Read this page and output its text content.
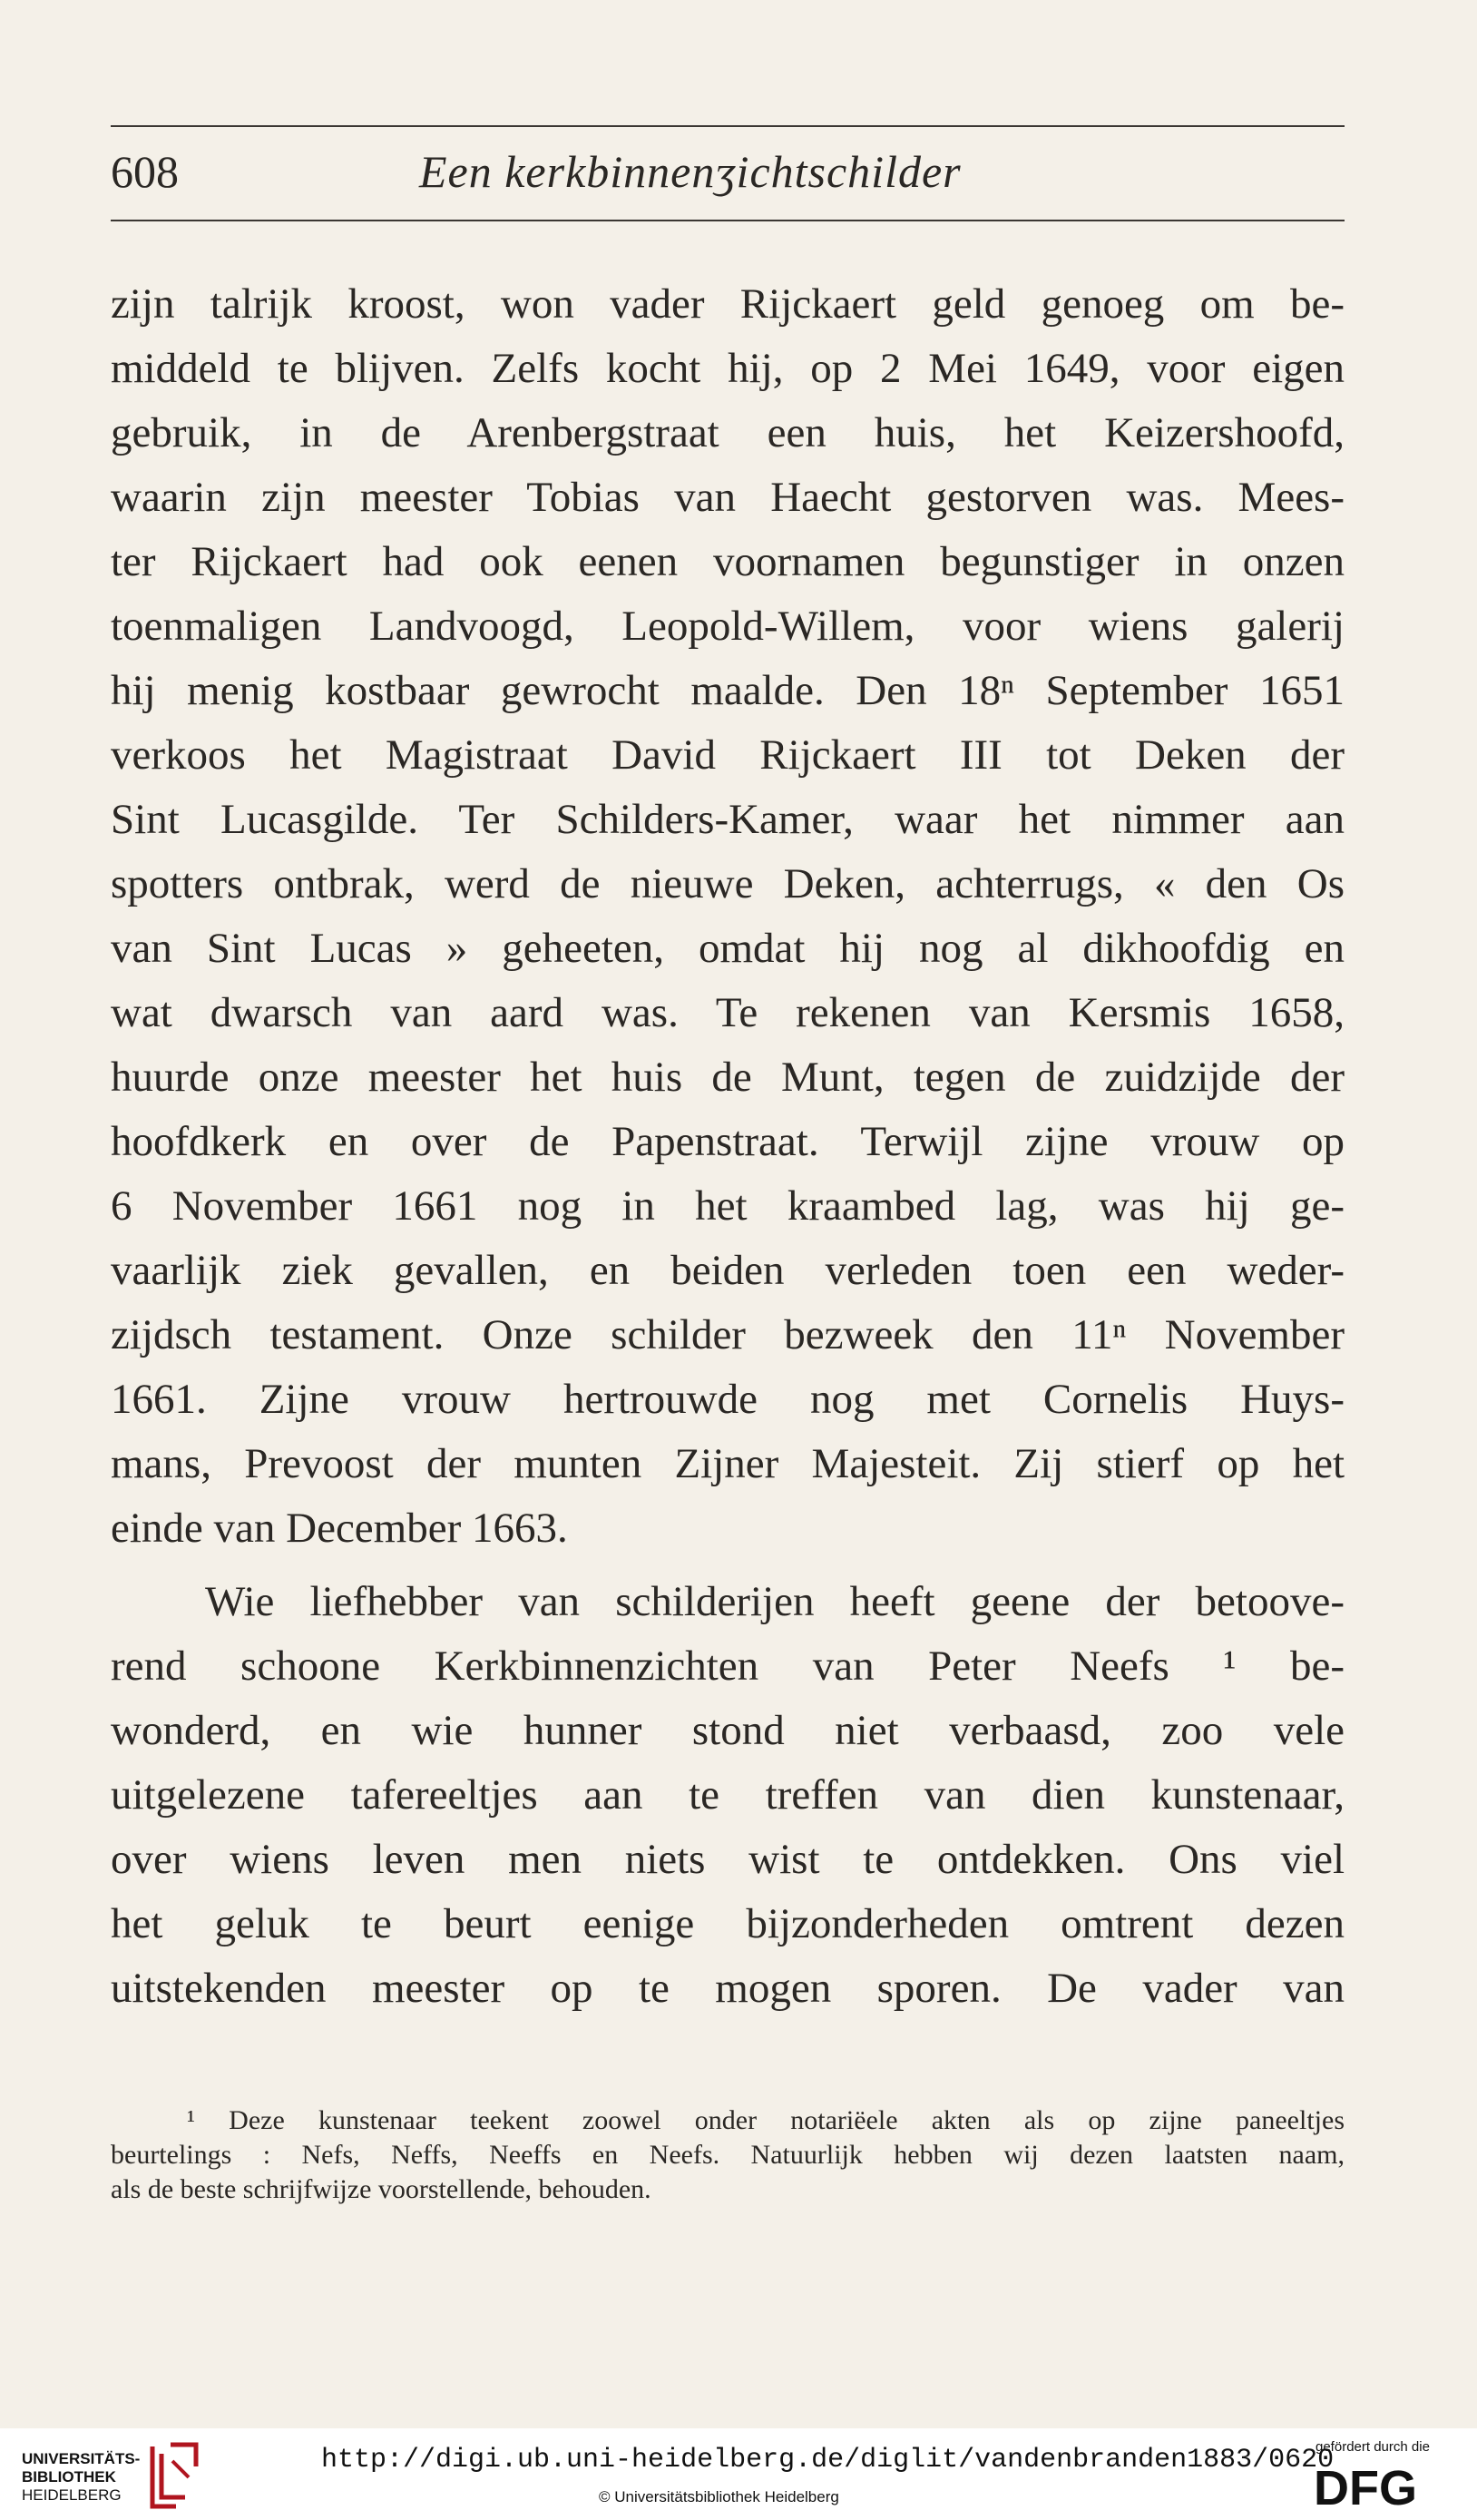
608	Een kerkbinnenʒichtschilder
zijn talrijk kroost, won vader Rijckaert geld genoeg om be-
middeld te blijven. Zelfs kocht hij, op 2 Mei 1649, voor eigen
gebruik, in de Arenbergstraat een huis, het Keizershoofd,
waarin zijn meester Tobias van Haecht gestorven was. Mees-
ter Rijckaert had ook eenen voornamen begunstiger in onzen
toenmaligen Landvoogd, Leopold-Willem, voor wiens galerij
hij menig kostbaar gewrocht maalde. Den 18ⁿ September 1651
verkoos het Magistraat David Rijckaert III tot Deken der
Sint Lucasgilde. Ter Schilders-Kamer, waar het nimmer aan
spotters ontbrak, werd de nieuwe Deken, achterrugs, « den Os
van Sint Lucas » geheeten, omdat hij nog al dikhoofdig en
wat dwarsch van aard was. Te rekenen van Kersmis 1658,
huurde onze meester het huis de Munt, tegen de zuidzijde der
hoofdkerk en over de Papenstraat. Terwijl zijne vrouw op
6 November 1661 nog in het kraambed lag, was hij ge-
vaarlijk ziek gevallen, en beiden verleden toen een weder-
zijdsch testament. Onze schilder bezweek den 11ⁿ November
1661. Zijne vrouw hertrouwde nog met Cornelis Huys-
mans, Prevoost der munten Zijner Majesteit. Zij stierf op het
einde van December 1663.
Wie liefhebber van schilderijen heeft geene der betoove-
rend schoone Kerkbinnenzichten van Peter Neefs ¹ be-
wonderd, en wie hunner stond niet verbaasd, zoo vele
uitgelezene tafereeltjes aan te treffen van dien kunstenaar,
over wiens leven men niets wist te ontdekken. Ons viel
het geluk te beurt eenige bijzonderheden omtrent dezen
uitstekenden meester op te mogen sporen. De vader van
¹ Deze kunstenaar teekent zoowel onder notariëele akten als op zijne paneeltjes
beurtelings : Nefs, Neffs, Neeffs en Neefs. Natuurlijk hebben wij dezen laatsten naam,
als de beste schrijfwijze voorstellende, behouden.
UNIVERSITÄTS-
BIBLIOTHEK
HEIDELBERG
http://digi.ub.uni-heidelberg.de/diglit/vandenbranden1883/0620
© Universitätsbibliothek Heidelberg
gefördert durch die
DFG
